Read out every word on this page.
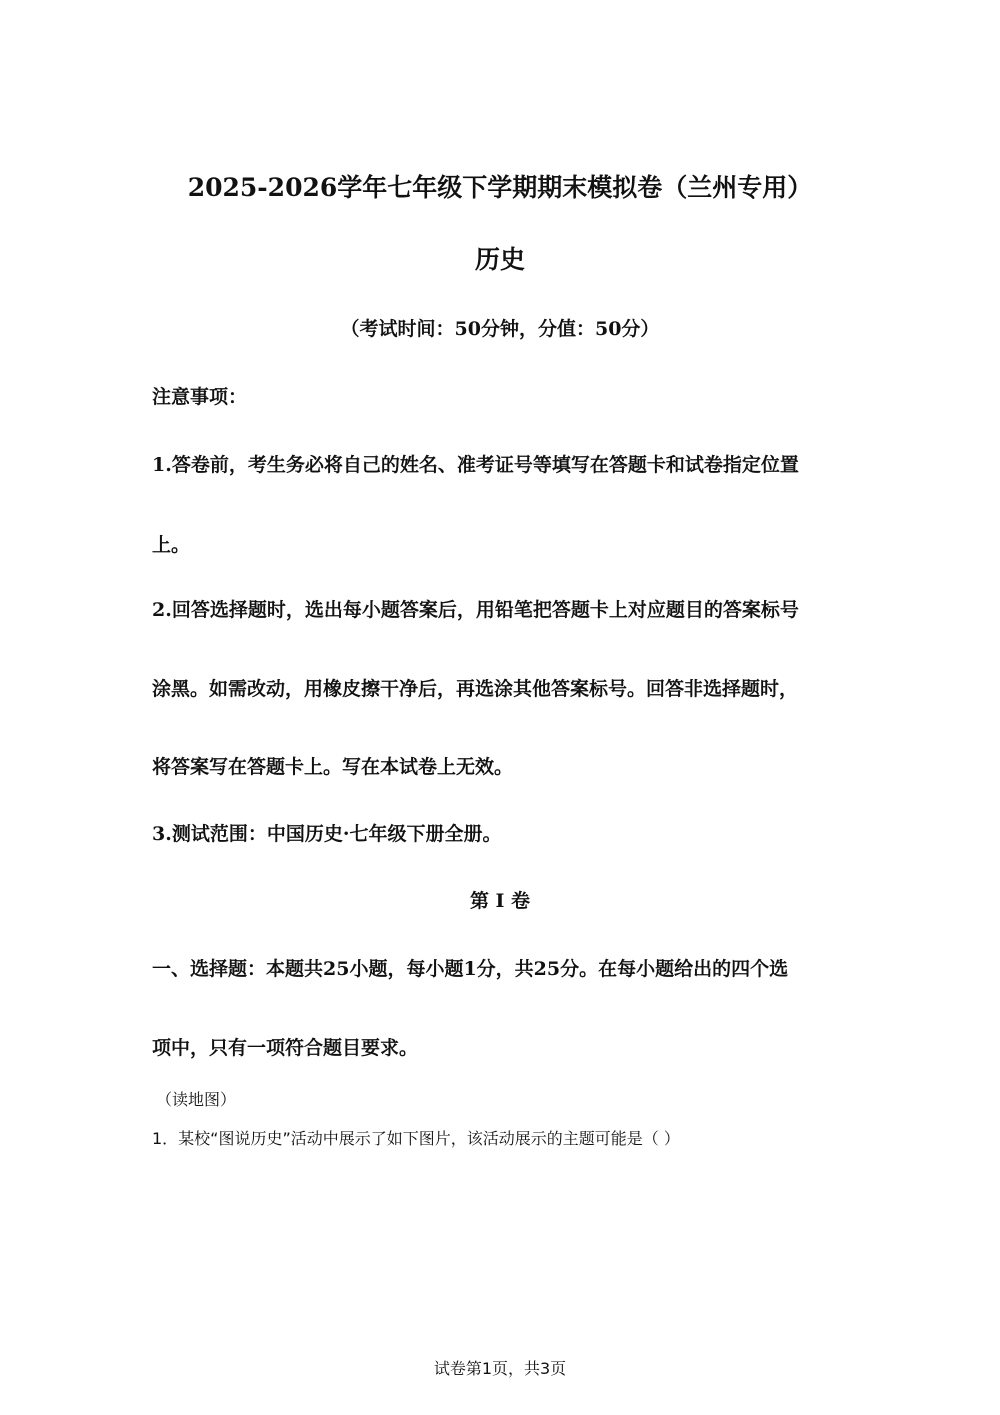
2025-2026学年七年级下学期期末模拟卷（兰州专用）
历史

（考试时间：50分钟，分值：50分）

注意事项：

1.答卷前，考生务必将自己的姓名、准考证号等填写在答题卡和试卷指定位置

上。

2.回答选择题时，选出每小题答案后，用铅笔把答题卡上对应题目的答案标号

涂黑。如需改动，用橡皮擦干净后，再选涂其他答案标号。回答非选择题时，

将答案写在答题卡上。写在本试卷上无效。

3.测试范围：中国历史·七年级下册全册。

第 I 卷

一、选择题：本题共25小题，每小题1分，共25分。在每小题给出的四个选

项中，只有一项符合题目要求。

（读地图）

1．某校“图说历史”活动中展示了如下图片，该活动展示的主题可能是（ ）

试卷第1页，共3页
